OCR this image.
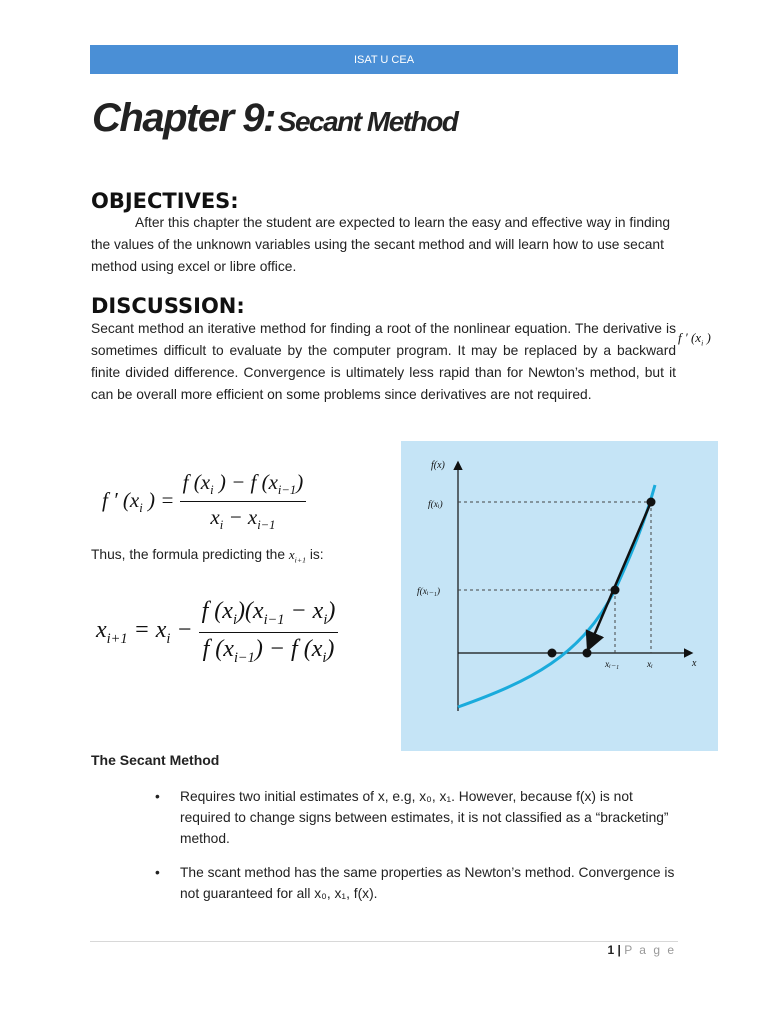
ISAT U CEA
Chapter 9: Secant Method
OBJECTIVES:

After this chapter the student are expected to learn the easy and effective way in finding the values of the unknown variables using the secant method and will learn how to use secant method using excel or libre office.

DISCUSSION:

Secant method an iterative method for finding a root of the nonlinear equation. The derivative is sometimes difficult to evaluate by the computer program. It may be replaced by a backward finite divided difference. Convergence is ultimately less rapid than for Newton’s method, but it can be overall more efficient on some problems since derivatives are not required.

f ′ ($x_i$ )
f ′ ($x_i$ ) = $\frac{f (x_i ) - f (x_{i-1})}{x_i - x_{i-1}}$

Thus, the formula predicting the $x_{i+1}$ is:

$x_{i+1} = x_i - \frac{f (x_i)(x_{i-1} - x_i)}{f (x_{i-1}) - f (x_i)}$
f(x)
x
f(xᵢ)
f(xᵢ₋₁)
xᵢ₋₁	xᵢ
The Secant Method
• Requires two initial estimates of x, e.g, x₀, x₁. However, because f(x) is not required to change signs between estimates, it is not classified as a “bracketing” method.
• The scant method has the same properties as Newton’s method. Convergence is not guaranteed for all x₀, x₁, f(x).
1 | P a g e
